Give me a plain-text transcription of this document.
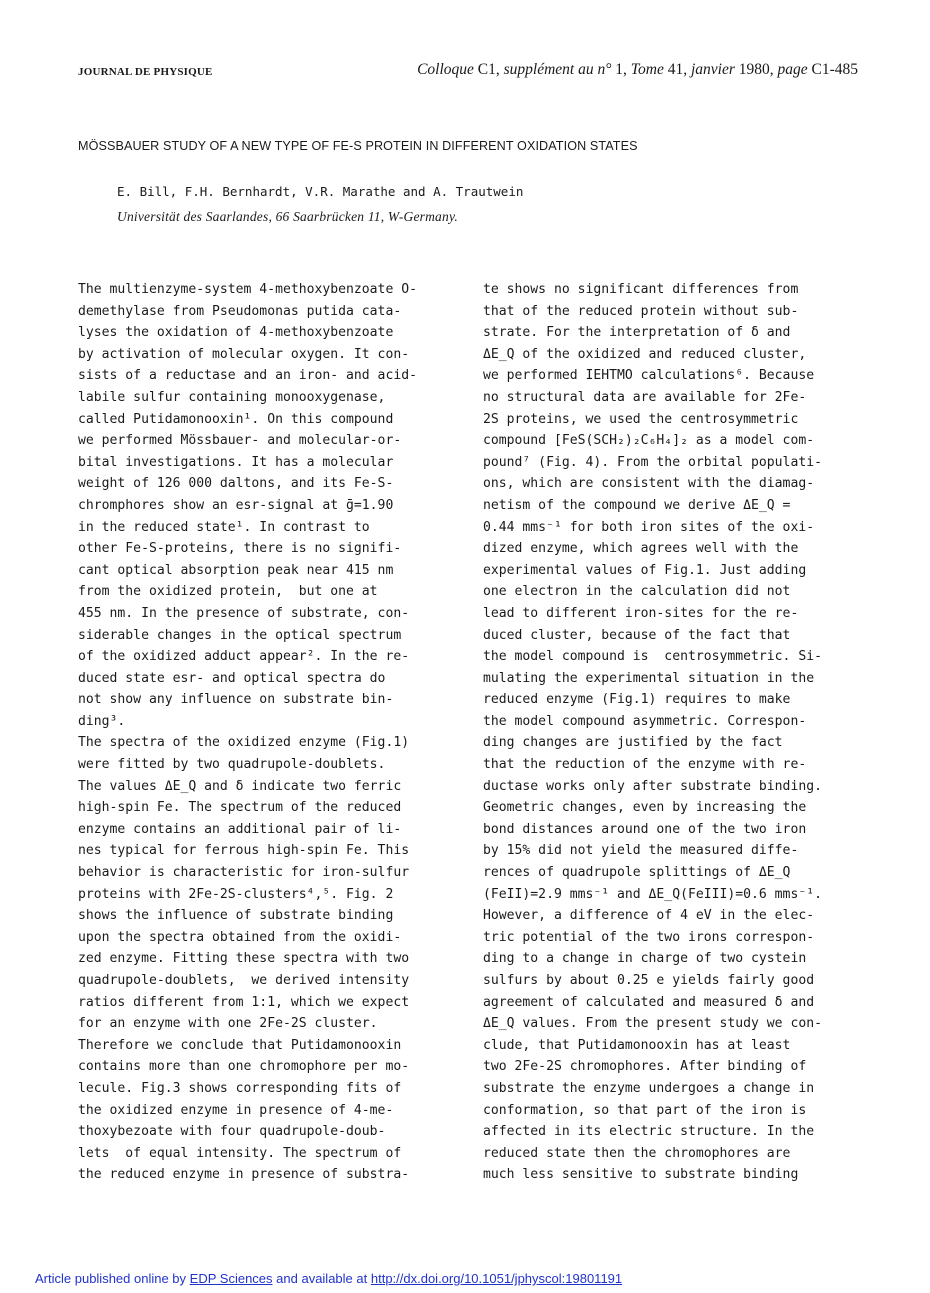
JOURNAL DE PHYSIQUE	Colloque C1, supplément au n° 1, Tome 41, janvier 1980, page C1-485
MÖSSBAUER STUDY OF A NEW TYPE OF FE-S PROTEIN IN DIFFERENT OXIDATION STATES
E. Bill, F.H. Bernhardt, V.R. Marathe and A. Trautwein
Universität des Saarlandes, 66 Saarbrücken 11, W-Germany.
The multienzyme-system 4-methoxybenzoate O-
demethylase from Pseudomonas putida cata-
lyses the oxidation of 4-methoxybenzoate
by activation of molecular oxygen. It con-
sists of a reductase and an iron- and acid-
labile sulfur containing monooxygenase,
called Putidamonooxin¹. On this compound
we performed Mössbauer- and molecular-or-
bital investigations. It has a molecular
weight of 126 000 daltons, and its Fe-S-
chromphores show an esr-signal at ḡ=1.90
in the reduced state¹. In contrast to
other Fe-S-proteins, there is no signifi-
cant optical absorption peak near 415 nm
from the oxidized protein,  but one at
455 nm. In the presence of substrate, con-
siderable changes in the optical spectrum
of the oxidized adduct appear². In the re-
duced state esr- and optical spectra do
not show any influence on substrate bin-
ding³.
The spectra of the oxidized enzyme (Fig.1)
were fitted by two quadrupole-doublets.
The values ΔE_Q and δ indicate two ferric
high-spin Fe. The spectrum of the reduced
enzyme contains an additional pair of li-
nes typical for ferrous high-spin Fe. This
behavior is characteristic for iron-sulfur
proteins with 2Fe-2S-clusters⁴,⁵. Fig. 2
shows the influence of substrate binding
upon the spectra obtained from the oxidi-
zed enzyme. Fitting these spectra with two
quadrupole-doublets,  we derived intensity
ratios different from 1:1, which we expect
for an enzyme with one 2Fe-2S cluster.
Therefore we conclude that Putidamonooxin
contains more than one chromophore per mo-
lecule. Fig.3 shows corresponding fits of
the oxidized enzyme in presence of 4-me-
thoxybezoate with four quadrupole-doub-
lets  of equal intensity. The spectrum of
the reduced enzyme in presence of substra-
te shows no significant differences from
that of the reduced protein without sub-
strate. For the interpretation of δ and
ΔE_Q of the oxidized and reduced cluster,
we performed IEHTMO calculations⁶. Because
no structural data are available for 2Fe-
2S proteins, we used the centrosymmetric
compound [FeS(SCH₂)₂C₆H₄]₂ as a model com-
pound⁷ (Fig. 4). From the orbital populati-
ons, which are consistent with the diamag-
netism of the compound we derive ΔE_Q =
0.44 mms⁻¹ for both iron sites of the oxi-
dized enzyme, which agrees well with the
experimental values of Fig.1. Just adding
one electron in the calculation did not
lead to different iron-sites for the re-
duced cluster, because of the fact that
the model compound is  centrosymmetric. Si-
mulating the experimental situation in the
reduced enzyme (Fig.1) requires to make
the model compound asymmetric. Correspon-
ding changes are justified by the fact
that the reduction of the enzyme with re-
ductase works only after substrate binding.
Geometric changes, even by increasing the
bond distances around one of the two iron
by 15% did not yield the measured diffe-
rences of quadrupole splittings of ΔE_Q
(FeII)=2.9 mms⁻¹ and ΔE_Q(FeIII)=0.6 mms⁻¹.
However, a difference of 4 eV in the elec-
tric potential of the two irons correspon-
ding to a change in charge of two cystein
sulfurs by about 0.25 e yields fairly good
agreement of calculated and measured δ and
ΔE_Q values. From the present study we con-
clude, that Putidamonooxin has at least
two 2Fe-2S chromophores. After binding of
substrate the enzyme undergoes a change in
conformation, so that part of the iron is
affected in its electric structure. In the
reduced state then the chromophores are
much less sensitive to substrate binding
Article published online by EDP Sciences and available at http://dx.doi.org/10.1051/jphyscol:19801191
